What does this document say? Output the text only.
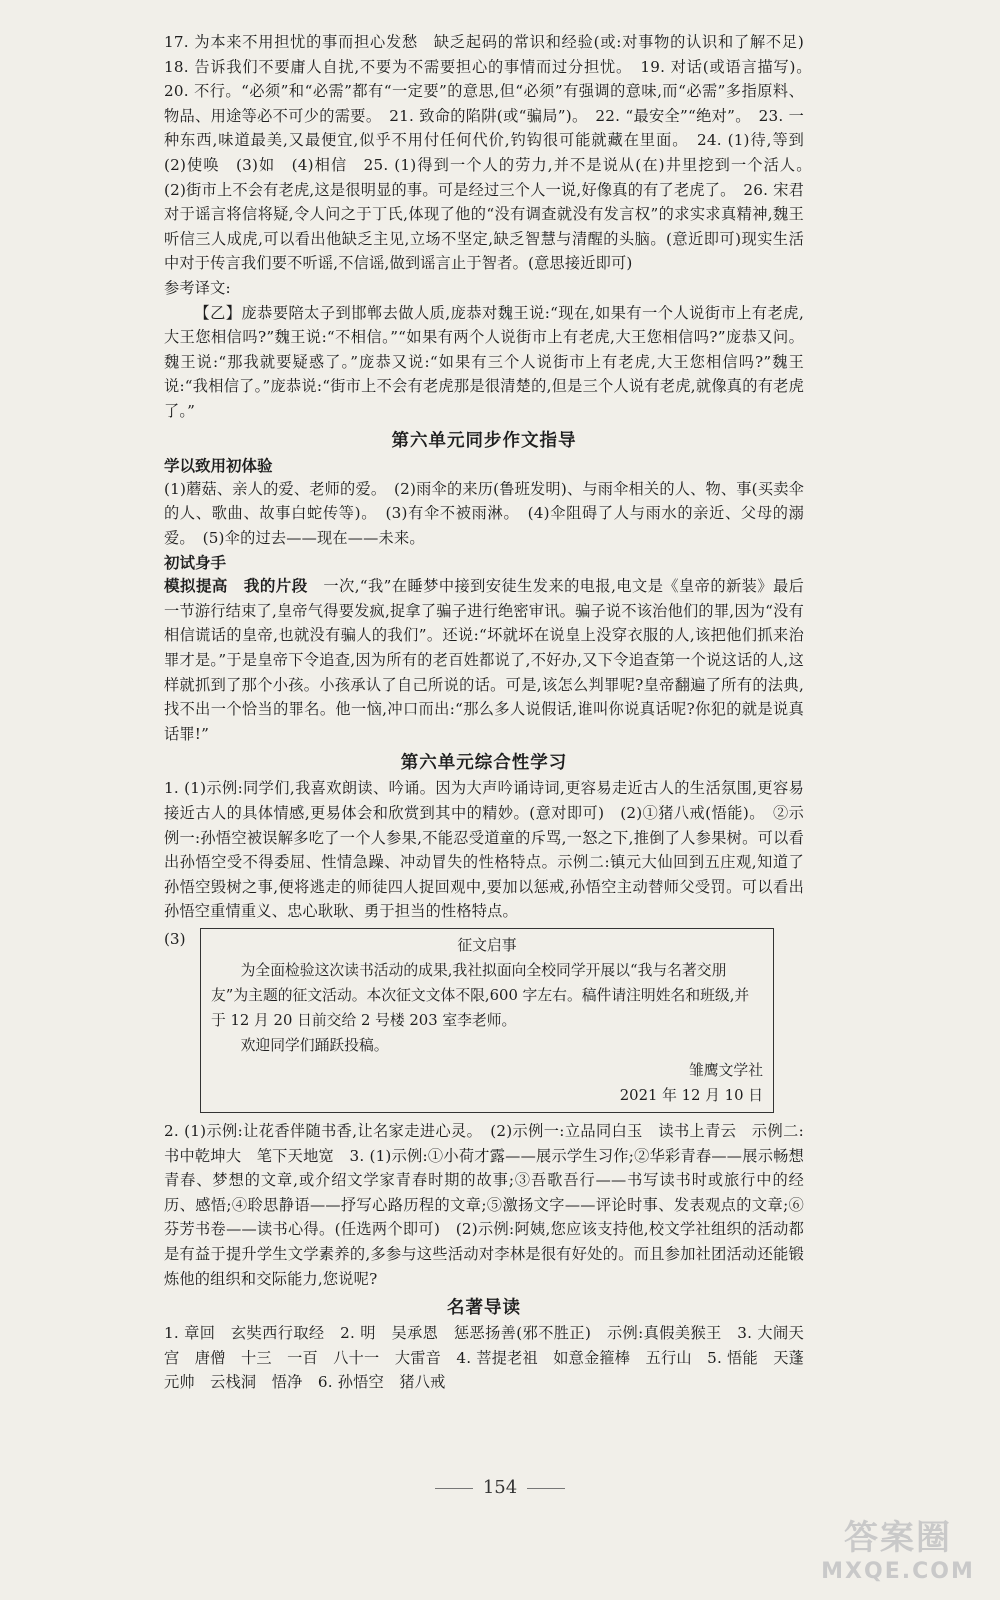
17. 为本来不用担忧的事而担心发愁　缺乏起码的常识和经验(或:对事物的认识和了解不足)　18. 告诉我们不要庸人自扰,不要为不需要担心的事情而过分担忧。　19. 对话(或语言描写)。　20. 不行。“必须”和“必需”都有“一定要”的意思,但“必须”有强调的意味,而“必需”多指原料、物品、用途等必不可少的需要。　21. 致命的陷阱(或“骗局”)。　22. “最安全”“绝对”。　23. 一种东西,味道最美,又最便宜,似乎不用付任何代价,钓钩很可能就藏在里面。　24. (1)待,等到　(2)使唤　(3)如　(4)相信　25. (1)得到一个人的劳力,并不是说从(在)井里挖到一个活人。　(2)街市上不会有老虎,这是很明显的事。可是经过三个人一说,好像真的有了老虎了。　26. 宋君对于谣言将信将疑,令人问之于丁氏,体现了他的“没有调查就没有发言权”的求实求真精神,魏王听信三人成虎,可以看出他缺乏主见,立场不坚定,缺乏智慧与清醒的头脑。(意近即可)现实生活中对于传言我们要不听谣,不信谣,做到谣言止于智者。(意思接近即可)

参考译文:

【乙】庞恭要陪太子到邯郸去做人质,庞恭对魏王说:“现在,如果有一个人说街市上有老虎,大王您相信吗?”魏王说:“不相信。”“如果有两个人说街市上有老虎,大王您相信吗?”庞恭又问。魏王说:“那我就要疑惑了。”庞恭又说:“如果有三个人说街市上有老虎,大王您相信吗?”魏王说:“我相信了。”庞恭说:“街市上不会有老虎那是很清楚的,但是三个人说有老虎,就像真的有老虎了。”

第六单元同步作文指导
学以致用初体验

(1)蘑菇、亲人的爱、老师的爱。　(2)雨伞的来历(鲁班发明)、与雨伞相关的人、物、事(买卖伞的人、歌曲、故事白蛇传等)。　(3)有伞不被雨淋。　(4)伞阻碍了人与雨水的亲近、父母的溺爱。　(5)伞的过去——现在——未来。

初试身手

模拟提高　我的片段　 一次,“我”在睡梦中接到安徒生发来的电报,电文是《皇帝的新装》最后一节游行结束了,皇帝气得要发疯,捉拿了骗子进行绝密审讯。骗子说不该治他们的罪,因为“没有相信谎话的皇帝,也就没有骗人的我们”。还说:“坏就坏在说皇上没穿衣服的人,该把他们抓来治罪才是。”于是皇帝下令追查,因为所有的老百姓都说了,不好办,又下令追查第一个说这话的人,这样就抓到了那个小孩。小孩承认了自己所说的话。可是,该怎么判罪呢?皇帝翻遍了所有的法典,找不出一个恰当的罪名。他一恼,冲口而出:“那么多人说假话,谁叫你说真话呢?你犯的就是说真话罪!”

第六单元综合性学习

1. (1)示例:同学们,我喜欢朗读、吟诵。因为大声吟诵诗词,更容易走近古人的生活氛围,更容易接近古人的具体情感,更易体会和欣赏到其中的精妙。(意对即可)　(2)①猪八戒(悟能)。　②示例一:孙悟空被误解多吃了一个人参果,不能忍受道童的斥骂,一怒之下,推倒了人参果树。可以看出孙悟空受不得委屈、性情急躁、冲动冒失的性格特点。示例二:镇元大仙回到五庄观,知道了孙悟空毁树之事,便将逃走的师徒四人捉回观中,要加以惩戒,孙悟空主动替师父受罚。可以看出孙悟空重情重义、忠心耿耿、勇于担当的性格特点。

(3)	征文启事

为全面检验这次读书活动的成果,我社拟面向全校同学开展以“我与名著交朋友”为主题的征文活动。本次征文文体不限,600 字左右。稿件请注明姓名和班级,并于 12 月 20 日前交给 2 号楼 203 室李老师。

欢迎同学们踊跃投稿。

雏鹰文学社
2021 年 12 月 10 日

2. (1)示例:让花香伴随书香,让名家走进心灵。　(2)示例一:立品同白玉　读书上青云　示例二:书中乾坤大　笔下天地宽　3. (1)示例:①小荷才露——展示学生习作;②华彩青春——展示畅想青春、梦想的文章,或介绍文学家青春时期的故事;③吾歌吾行——书写读书时或旅行中的经历、感悟;④聆思静语——抒写心路历程的文章;⑤激扬文字——评论时事、发表观点的文章;⑥芬芳书卷——读书心得。(任选两个即可)　(2)示例:阿姨,您应该支持他,校文学社组织的活动都是有益于提升学生文学素养的,多参与这些活动对李林是很有好处的。而且参加社团活动还能锻炼他的组织和交际能力,您说呢?

名著导读

1. 章回　玄奘西行取经　2. 明　吴承恩　惩恶扬善(邪不胜正)　示例:真假美猴王　3. 大闹天宫　唐僧　十三　一百　八十一　大雷音　4. 菩提老祖　如意金箍棒　五行山　5. 悟能　天蓬元帅　云栈洞　悟净　6. 孙悟空　猪八戒

154
答案圈
MXQE.COM
